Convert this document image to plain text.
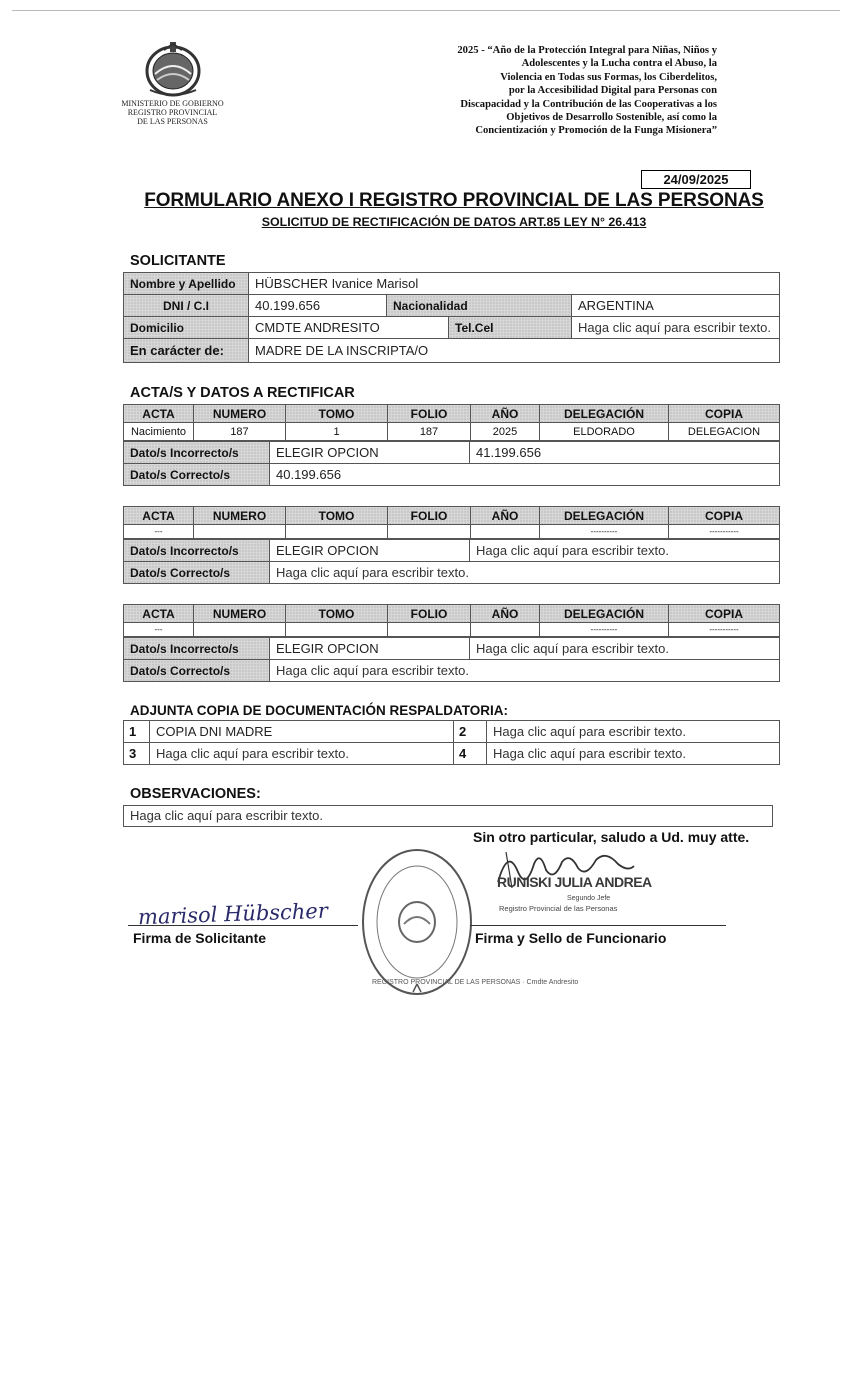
MINISTERIO DE GOBIERNO
REGISTRO PROVINCIAL
DE LAS PERSONAS
2025 - “Año de la Protección Integral para Niñas, Niños y
Adolescentes y la Lucha contra el Abuso, la
Violencia en Todas sus Formas, los Ciberdelitos,
por la Accesibilidad Digital para Personas con
Discapacidad y la Contribución de las Cooperativas a los
Objetivos de Desarrollo Sostenible, así como la
Concientización y Promoción de la Funga Misionera”
24/09/2025
FORMULARIO ANEXO I REGISTRO PROVINCIAL DE LAS PERSONAS
SOLICITUD DE RECTIFICACIÓN DE DATOS ART.85 LEY N° 26.413
SOLICITANTE
Nombre y Apellido	HÜBSCHER Ivanice Marisol			
DNI / C.I	40.199.656	Nacionalidad		ARGENTINA
Domicilio	CMDTE ANDRESITO		Tel.Cel	Haga clic aquí para escribir texto.
En carácter de:	MADRE DE LA INSCRIPTA/O			
ACTA/S Y DATOS A RECTIFICAR
ACTA	NUMERO	TOMO	FOLIO	AÑO	DELEGACIÓN	COPIA
Nacimiento	187	1	187	2025	ELDORADO	DELEGACION
Dato/s Incorrecto/s	ELEGIR OPCION	41.199.656
Dato/s Correcto/s	40.199.656	
ACTA	NUMERO	TOMO	FOLIO	AÑO	DELEGACIÓN	COPIA
---					----------	-----------
Dato/s Incorrecto/s	ELEGIR OPCION	Haga clic aquí para escribir texto.
Dato/s Correcto/s	Haga clic aquí para escribir texto.	
ACTA	NUMERO	TOMO	FOLIO	AÑO	DELEGACIÓN	COPIA
---					----------	-----------
Dato/s Incorrecto/s	ELEGIR OPCION	Haga clic aquí para escribir texto.
Dato/s Correcto/s	Haga clic aquí para escribir texto.	
ADJUNTA COPIA DE DOCUMENTACIÓN RESPALDATORIA:
1	COPIA DNI MADRE	2	Haga clic aquí para escribir texto.
3	Haga clic aquí para escribir texto.	4	Haga clic aquí para escribir texto.
OBSERVACIONES:
Haga clic aquí para escribir texto.
Sin otro particular, saludo a Ud. muy atte.
marisol Hübscher
Firma de Solicitante
REGISTRO PROVINCIAL DE LAS PERSONAS · Cmdte Andresito
RUNISKI JULIA ANDREA
Segundo Jefe
Registro Provincial de las Personas
Firma y Sello de Funcionario
